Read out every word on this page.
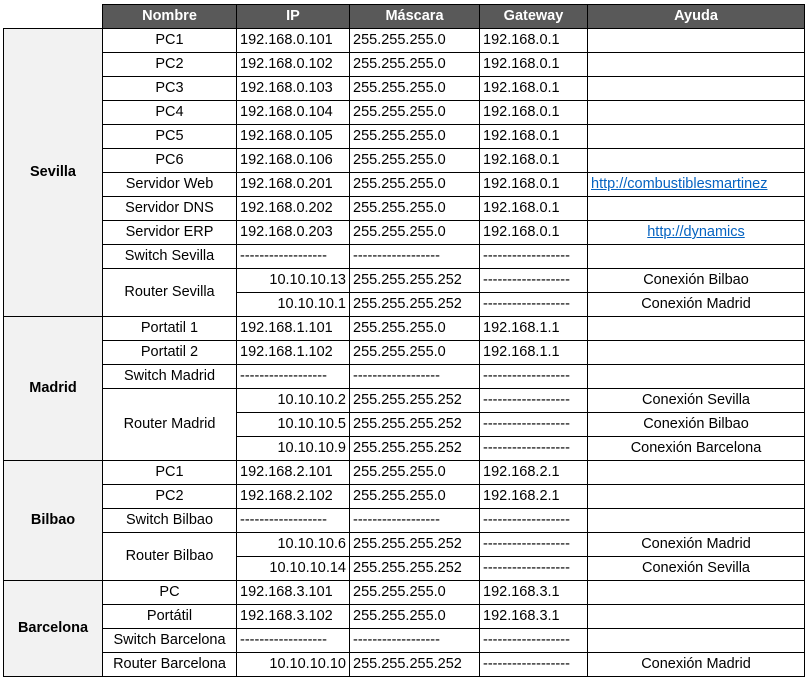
	Nombre	IP	Máscara	Gateway	Ayuda
Sevilla	PC1	192.168.0.101	255.255.255.0	192.168.0.1	
	PC2	192.168.0.102	255.255.255.0	192.168.0.1	
	PC3	192.168.0.103	255.255.255.0	192.168.0.1	
	PC4	192.168.0.104	255.255.255.0	192.168.0.1	
	PC5	192.168.0.105	255.255.255.0	192.168.0.1	
	PC6	192.168.0.106	255.255.255.0	192.168.0.1	
	Servidor Web	192.168.0.201	255.255.255.0	192.168.0.1	http://combustiblesmartinez
	Servidor DNS	192.168.0.202	255.255.255.0	192.168.0.1	
	Servidor ERP	192.168.0.203	255.255.255.0	192.168.0.1	http://dynamics
	Switch Sevilla	------------------	------------------	------------------	
	Router Sevilla	10.10.10.13	255.255.255.252	------------------	Conexión Bilbao
		10.10.10.1	255.255.255.252	------------------	Conexión Madrid
Madrid	Portatil 1	192.168.1.101	255.255.255.0	192.168.1.1	
	Portatil 2	192.168.1.102	255.255.255.0	192.168.1.1	
	Switch Madrid	------------------	------------------	------------------	
	Router Madrid	10.10.10.2	255.255.255.252	------------------	Conexión Sevilla
		10.10.10.5	255.255.255.252	------------------	Conexión Bilbao
		10.10.10.9	255.255.255.252	------------------	Conexión Barcelona
Bilbao	PC1	192.168.2.101	255.255.255.0	192.168.2.1	
	PC2	192.168.2.102	255.255.255.0	192.168.2.1	
	Switch Bilbao	------------------	------------------	------------------	
	Router Bilbao	10.10.10.6	255.255.255.252	------------------	Conexión Madrid
		10.10.10.14	255.255.255.252	------------------	Conexión Sevilla
Barcelona	PC	192.168.3.101	255.255.255.0	192.168.3.1	
	Portátil	192.168.3.102	255.255.255.0	192.168.3.1	
	Switch Barcelona	------------------	------------------	------------------	
	Router Barcelona	10.10.10.10	255.255.255.252	------------------	Conexión Madrid
